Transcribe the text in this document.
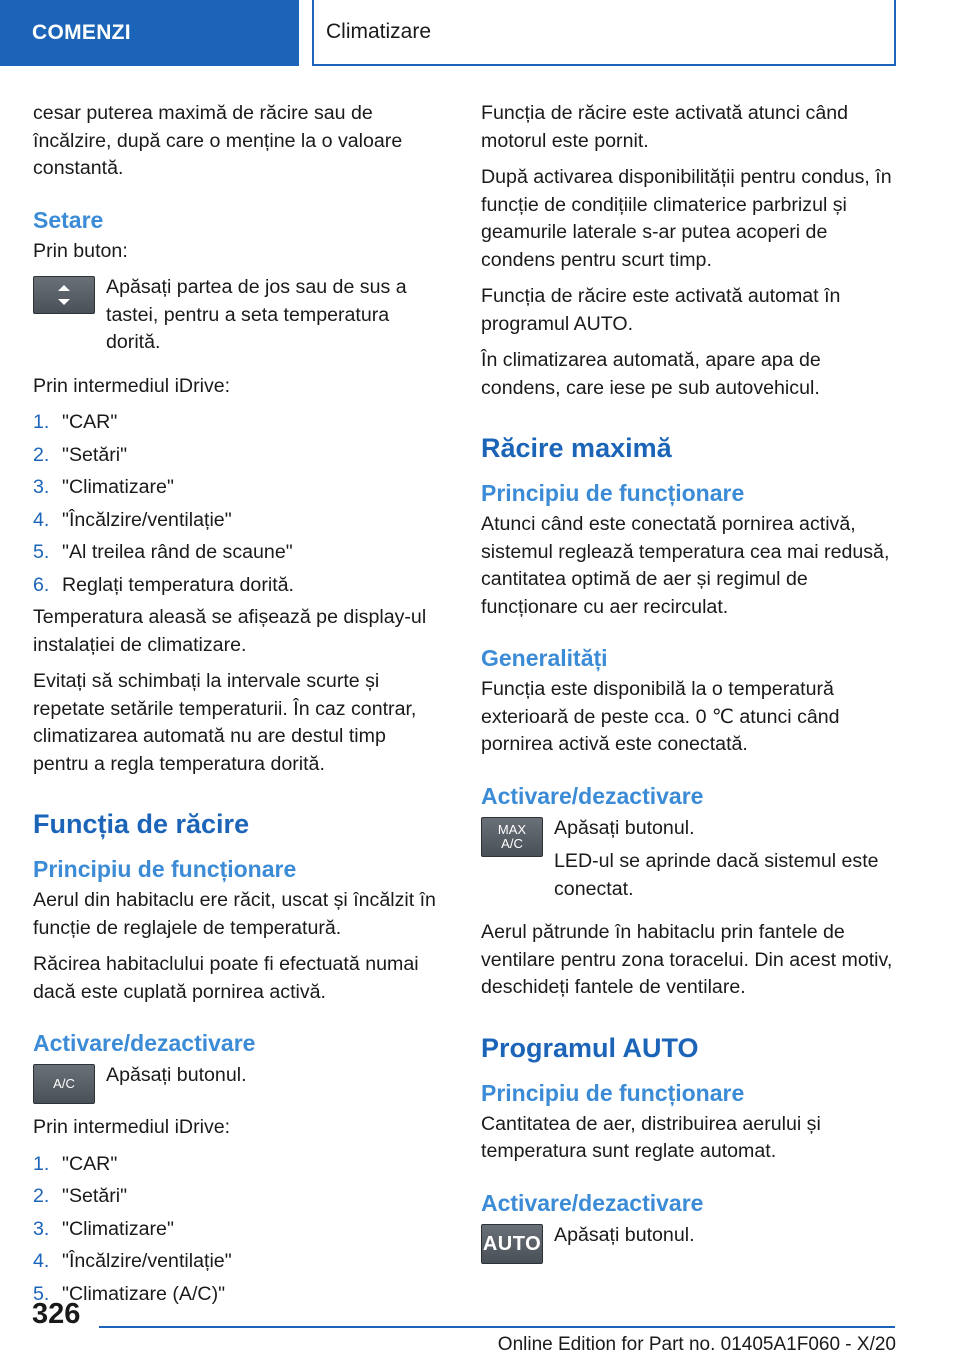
COMENZI	Climatizare

cesar puterea maximă de răcire sau de încălzire, după care o menține la o valoare constantă.

Setare

Prin buton:

Apăsați partea de jos sau de sus a tastei, pentru a seta temperatura dorită.

Prin intermediul iDrive:

1. "CAR"
2. "Setări"
3. "Climatizare"
4. "Încălzire/ventilație"
5. "Al treilea rând de scaune"
6. Reglați temperatura dorită.

Temperatura aleasă se afișează pe display-ul instalației de climatizare.

Evitați să schimbați la intervale scurte și repetate setările temperaturii. În caz contrar, climatizarea automată nu are destul timp pentru a regla temperatura dorită.

Funcția de răcire
Principiu de funcționare

Aerul din habitaclu ere răcit, uscat și încălzit în funcție de reglajele de temperatură.

Răcirea habitaclului poate fi efectuată numai dacă este cuplată pornirea activă.

Activare/dezactivare
A/C Apăsați butonul.

Prin intermediul iDrive:

1. "CAR"
2. "Setări"
3. "Climatizare"
4. "Încălzire/ventilație"
5. "Climatizare (A/C)"

Funcția de răcire este activată atunci când motorul este pornit.

După activarea disponibilității pentru condus, în funcție de condițiile climaterice parbrizul și geamurile laterale s-ar putea acoperi de condens pentru scurt timp.

Funcția de răcire este activată automat în programul AUTO.

În climatizarea automată, apare apa de condens, care iese pe sub autovehicul.

Răcire maximă
Principiu de funcționare

Atunci când este conectată pornirea activă, sistemul reglează temperatura cea mai redusă, cantitatea optimă de aer și regimul de funcționare cu aer recirculat.

Generalități

Funcția este disponibilă la o temperatură exterioară de peste cca. 0 ℃ atunci când pornirea activă este conectată.

Activare/dezactivare
MAX
A/C

Apăsați butonul.

LED-ul se aprinde dacă sistemul este conectat.

Aerul pătrunde în habitaclu prin fantele de ventilare pentru zona toracelui. Din acest motiv, deschideți fantele de ventilare.

Programul AUTO
Principiu de funcționare

Cantitatea de aer, distribuirea aerului și temperatura sunt reglate automat.

Activare/dezactivare
AUTO Apăsați butonul.

326
Online Edition for Part no. 01405A1F060 - X/20
